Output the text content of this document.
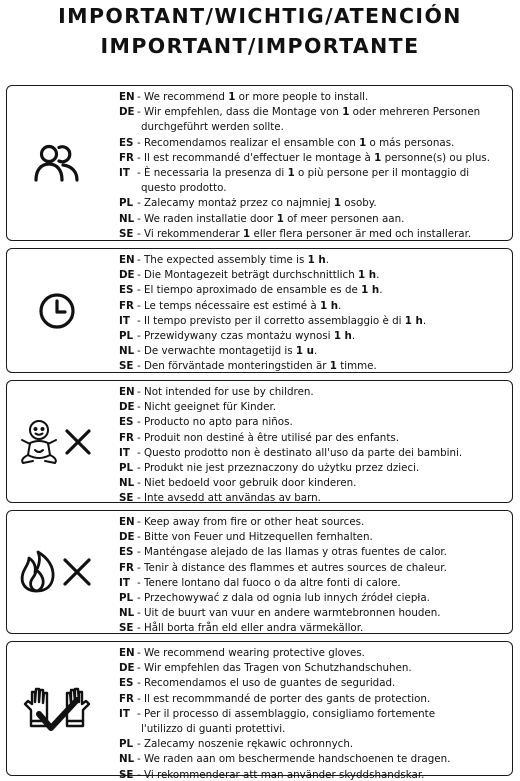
IMPORTANT/WICHTIG/ATENCIÓN
IMPORTANT/IMPORTANTE
EN - We recommend 1 or more people to install.
DE - Wir empfehlen, dass die Montage von 1 oder mehreren Personen
durchgeführt werden sollte.
ES - Recomendamos realizar el ensamble con 1 o más personas.
FR - Il est recommandé d'effectuer le montage à 1 personne(s) ou plus.
IT - È necessaria la presenza di 1 o più persone per il montaggio di
questo prodotto.
PL - Zalecamy montaż przez co najmniej 1 osoby.
NL - We raden installatie door 1 of meer personen aan.
SE - Vi rekommenderar 1 eller flera personer är med och installerar.
EN - The expected assembly time is 1 h.
DE - Die Montagezeit beträgt durchschnittlich 1 h.
ES - El tiempo aproximado de ensamble es de 1 h.
FR - Le temps nécessaire est estimé à 1 h.
IT - Il tempo previsto per il corretto assemblaggio è di 1 h.
PL - Przewidywany czas montażu wynosi 1 h.
NL - De verwachte montagetijd is 1 u.
SE - Den förväntade monteringstiden är 1 timme.
EN - Not intended for use by children.
DE - Nicht geeignet für Kinder.
ES - Producto no apto para niños.
FR - Produit non destiné à être utilisé par des enfants.
IT - Questo prodotto non è destinato all'uso da parte dei bambini.
PL - Produkt nie jest przeznaczony do użytku przez dzieci.
NL - Niet bedoeld voor gebruik door kinderen.
SE - Inte avsedd att användas av barn.
EN - Keep away from fire or other heat sources.
DE - Bitte von Feuer und Hitzequellen fernhalten.
ES - Manténgase alejado de las llamas y otras fuentes de calor.
FR - Tenir à distance des flammes et autres sources de chaleur.
IT - Tenere lontano dal fuoco o da altre fonti di calore.
PL - Przechowywać z dala od ognia lub innych źródeł ciepła.
NL - Uit de buurt van vuur en andere warmtebronnen houden.
SE - Håll borta från eld eller andra värmekällor.
EN - We recommend wearing protective gloves.
DE - Wir empfehlen das Tragen von Schutzhandschuhen.
ES - Recomendamos el uso de guantes de seguridad.
FR - Il est recommmandé de porter des gants de protection.
IT - Per il processo di assemblaggio, consigliamo fortemente
l'utilizzo di guanti protettivi.
PL - Zalecamy noszenie rękawic ochronnych.
NL - We raden aan om beschermende handschoenen te dragen.
SE - Vi rekommenderar att man använder skyddshandskar.
